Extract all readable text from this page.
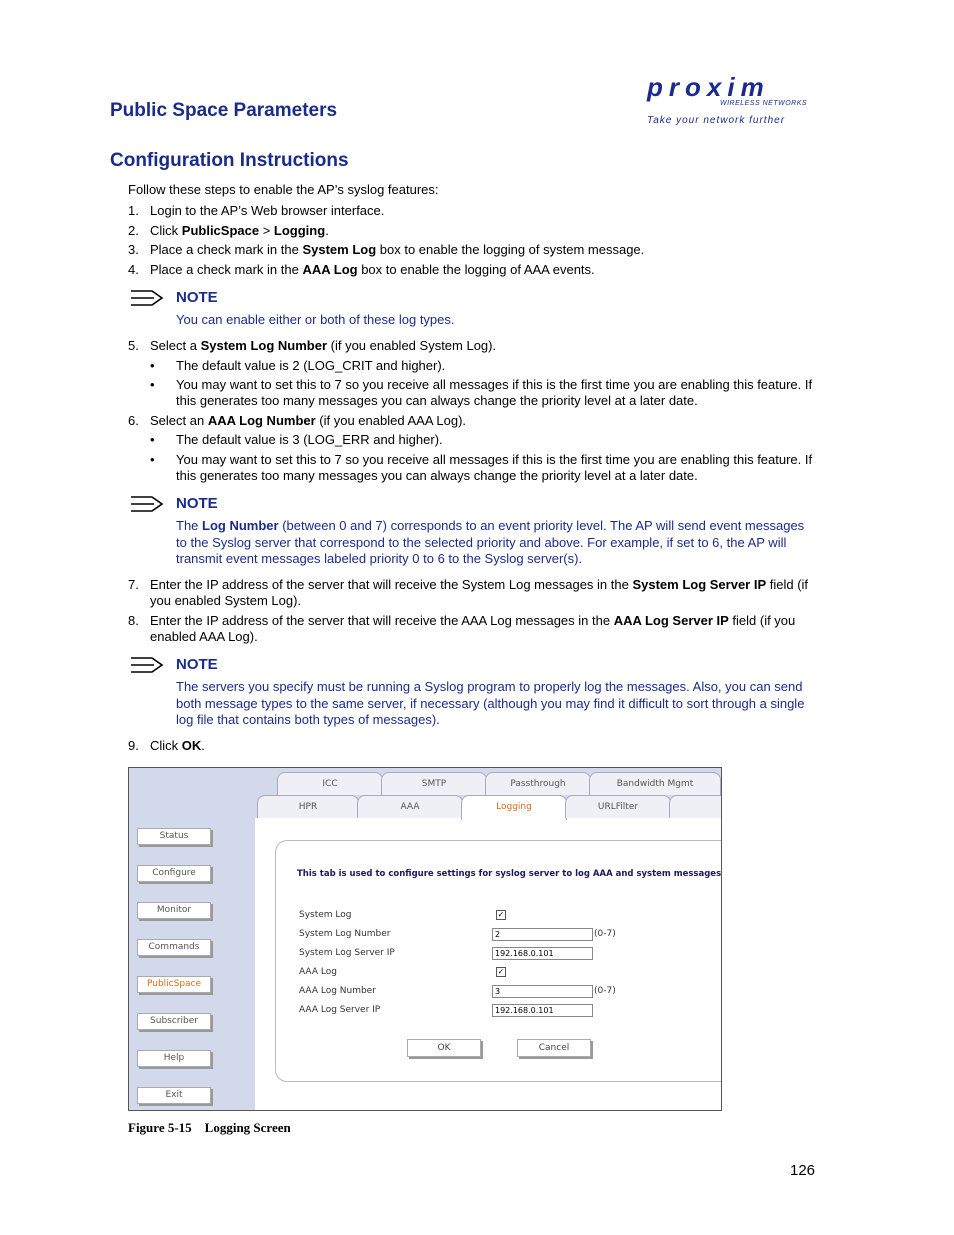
Public Space Parameters
proxim
WIRELESS NETWORKS
Take your network further
Configuration Instructions
Follow these steps to enable the AP’s syslog features:
1. Login to the AP’s Web browser interface.
2. Click PublicSpace > Logging.
3. Place a check mark in the System Log box to enable the logging of system message.
4. Place a check mark in the AAA Log box to enable the logging of AAA events.
NOTE
You can enable either or both of these log types.
5. Select a System Log Number (if you enabled System Log).
• The default value is 2 (LOG_CRIT and higher).
• You may want to set this to 7 so you receive all messages if this is the first time you are enabling this feature. If this generates too many messages you can always change the priority level at a later date.
6. Select an AAA Log Number (if you enabled AAA Log).
• The default value is 3 (LOG_ERR and higher).
• You may want to set this to 7 so you receive all messages if this is the first time you are enabling this feature. If this generates too many messages you can always change the priority level at a later date.
NOTE
The Log Number (between 0 and 7) corresponds to an event priority level. The AP will send event messages to the Syslog server that correspond to the selected priority and above. For example, if set to 6, the AP will transmit event messages labeled priority 0 to 6 to the Syslog server(s).
7. Enter the IP address of the server that will receive the System Log messages in the System Log Server IP field (if you enabled System Log).
8. Enter the IP address of the server that will receive the AAA Log messages in the AAA Log Server IP field (if you enabled AAA Log).
NOTE
The servers you specify must be running a Syslog program to properly log the messages. Also, you can send both message types to the same server, if necessary (although you may find it difficult to sort through a single log file that contains both types of messages).
9. Click OK.
Status
Configure
Monitor
Commands
PublicSpace
Subscriber
Help
Exit
ICC	SMTP	Passthrough	Bandwidth Mgmt
HPR	AAA	Logging	URLFilter
This tab is used to configure settings for syslog server to log AAA and system messages
System Log	✓
System Log Number	2	(0-7)
System Log Server IP	192.168.0.101
AAA Log	✓
AAA Log Number	3	(0-7)
AAA Log Server IP	192.168.0.101
OK	Cancel
Figure 5-15    Logging Screen
126
